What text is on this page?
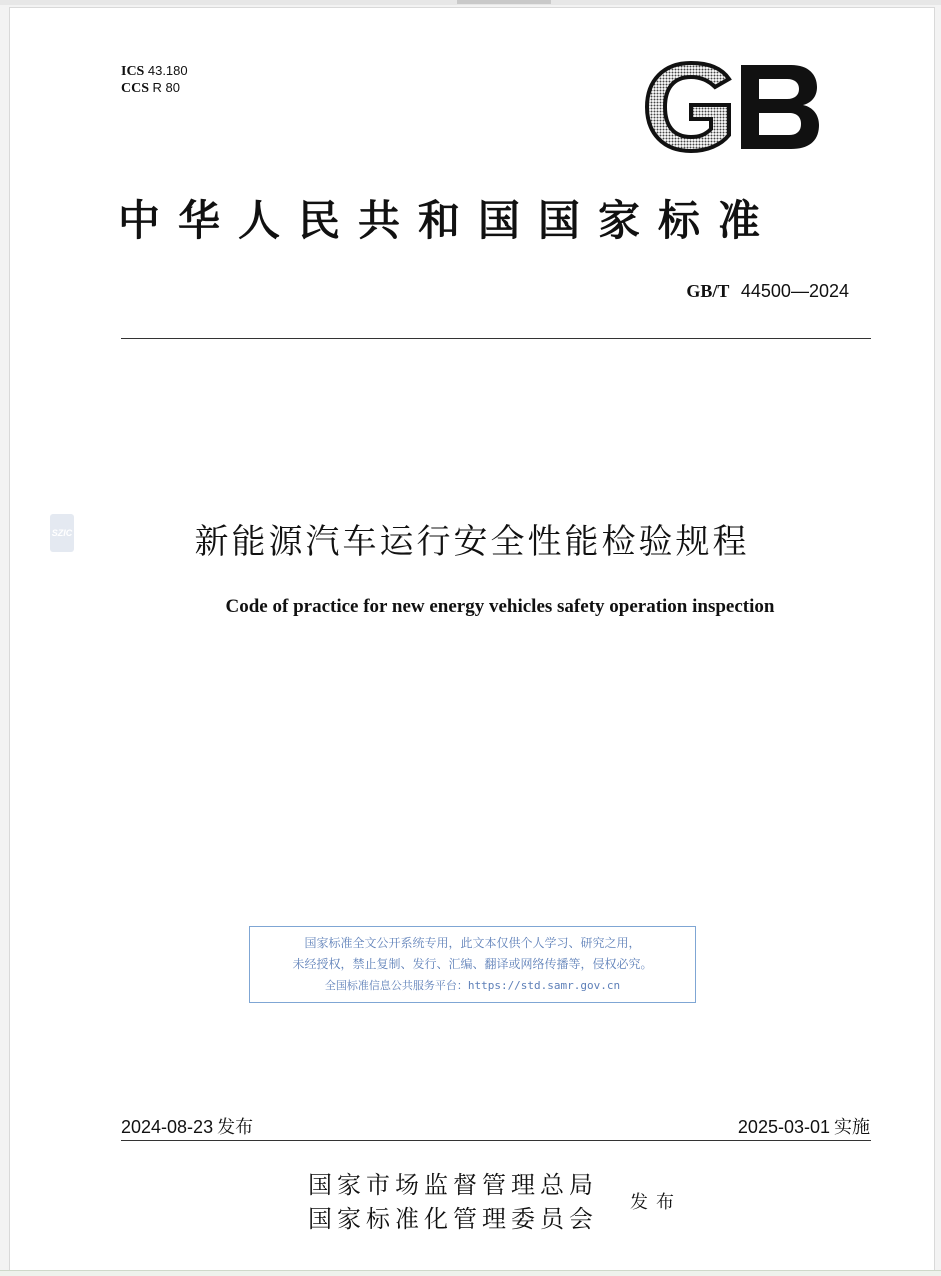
ICS 43.180
CCS R 80
中华人民共和国国家标准
GB/T 44500—2024
新能源汽车运行安全性能检验规程
Code of practice for new energy vehicles safety operation inspection
国家标准全文公开系统专用，此文本仅供个人学习、研究之用，
未经授权，禁止复制、发行、汇编、翻译或网络传播等，侵权必究。
全国标准信息公共服务平台：https://std.samr.gov.cn
2024-08-23 发布	2025-03-01 实施
国家市场监督管理总局
国家标准化管理委员会
发布
SZIC
